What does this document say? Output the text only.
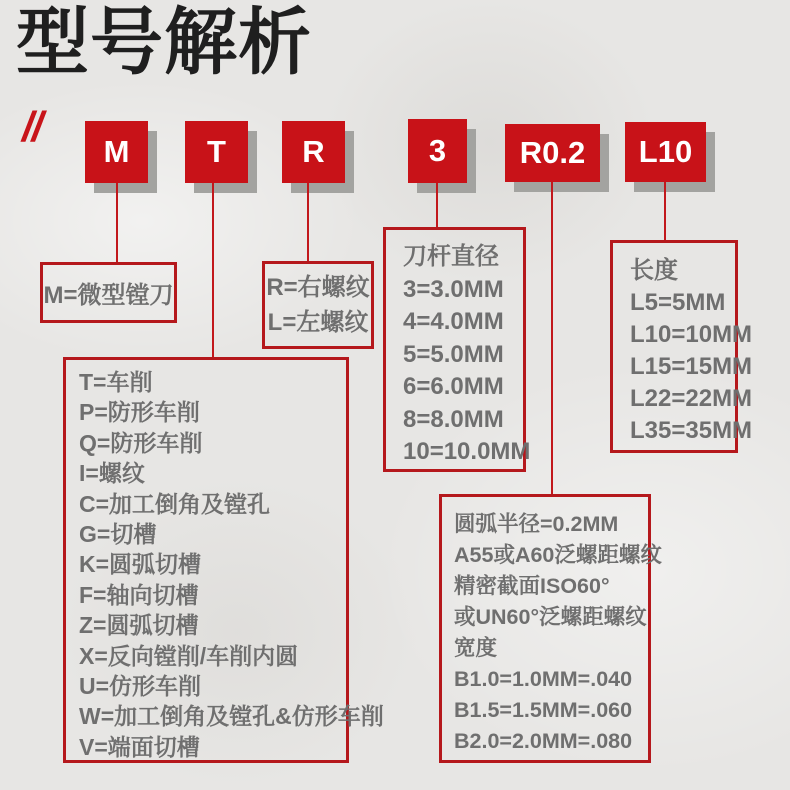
型号解析
//
M	T	R	3	R0.2	L10
M=微型镗刀	R=右螺纹
L=左螺纹
T=车削
P=防形车削
Q=防形车削
I=螺纹
C=加工倒角及镗孔
G=切槽
K=圆弧切槽
F=轴向切槽
Z=圆弧切槽
X=反向镗削/车削内圆
U=仿形车削
W=加工倒角及镗孔&仿形车削
V=端面切槽
刀杆直径
3=3.0MM
4=4.0MM
5=5.0MM
6=6.0MM
8=8.0MM
10=10.0MM
长度
L5=5MM
L10=10MM
L15=15MM
L22=22MM
L35=35MM
圆弧半径=0.2MM
A55或A60泛螺距螺纹
精密截面ISO60°
或UN60°泛螺距螺纹
宽度
B1.0=1.0MM=.040
B1.5=1.5MM=.060
B2.0=2.0MM=.080
